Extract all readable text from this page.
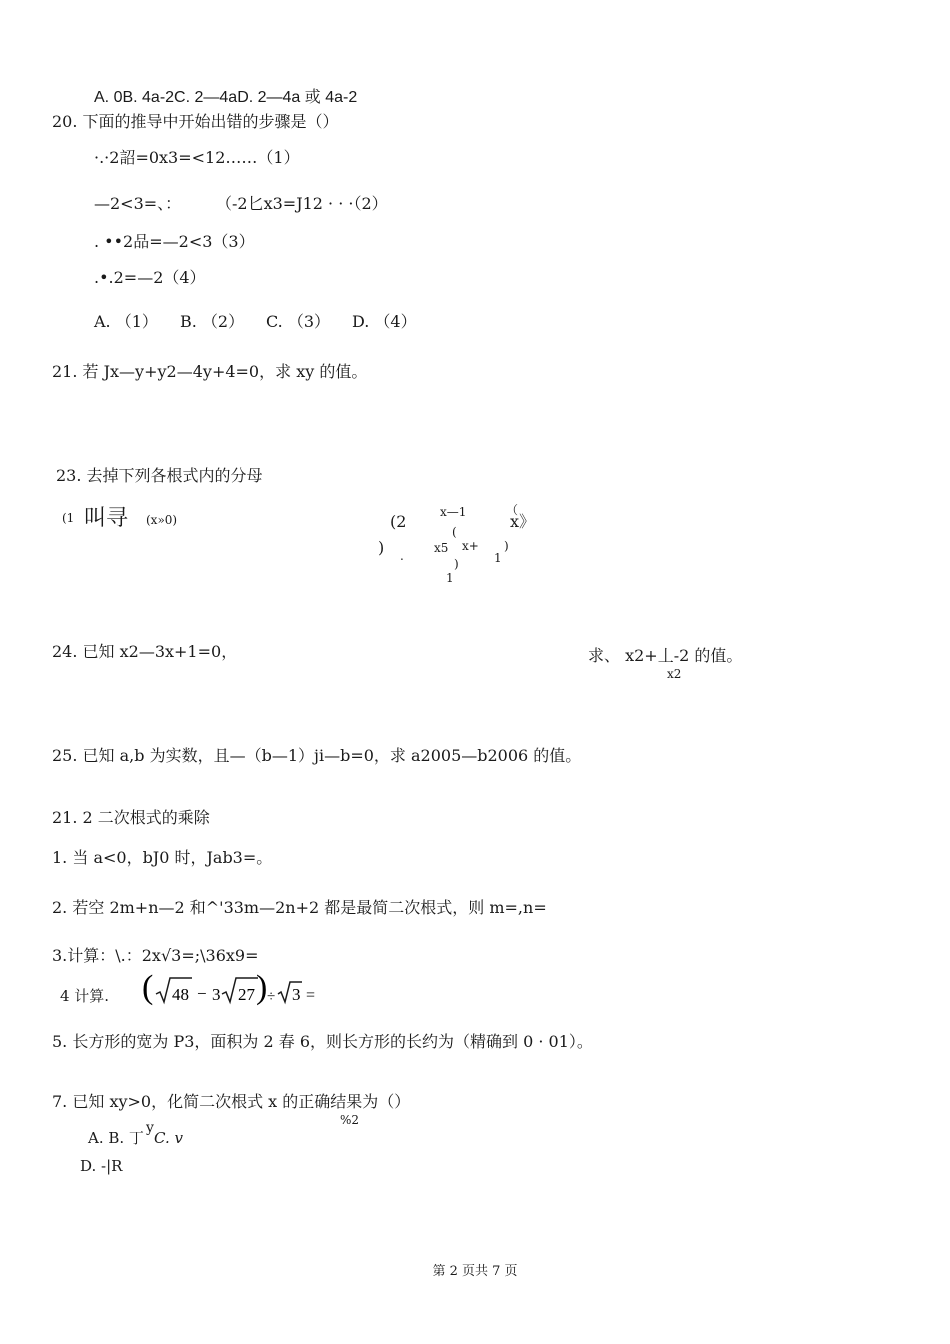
A. 0B. 4a-2C. 2—4aD. 2—4a 或 4a-2
20. 下面的推导中开始出错的步骤是（）
·.·2詔=0x3=<12……（1）
—2<3=、： （-2匕x3=J12 · · ·（2）
. ••2品=—2<3（3）
.•.2=—2（4）
A. （1） B. （2） C. （3） D. （4）
21. 若 Jx—y+y2—4y+4=0，求 xy 的值。
23. 去掉下列各根式内的分母
(1 叫寻 (x»0)	(2
) .
x—1	（
x》
(
x5 x+ )
1
)
1
24. 已知 x2—3x+1=0，	求、 x2+丄-2 的值。
x2
25. 已知 a,b 为实数，且—（b—1）ji—b=0，求 a2005—b2006 的值。
21. 2 二次根式的乘除
1. 当 a<0，bJ0 时，Jab3=。
2. 若空 2m+n—2 和^'33m—2n+2 都是最简二次根式，则 m=,n=
3.计算：\.：2x√3=;\36x9=
4 计算. ( 48 − 3 27 ) ÷ 3 =
5. 长方形的宽为 P3，面积为 2 春 6，则长方形的长约为（精确到 0 · 01）。
7. 已知 xy>0，化简二次根式 x 的正确结果为（）
%2
A. B. 丁
y
C. v
D. -|R
第 2 页共 7 页
